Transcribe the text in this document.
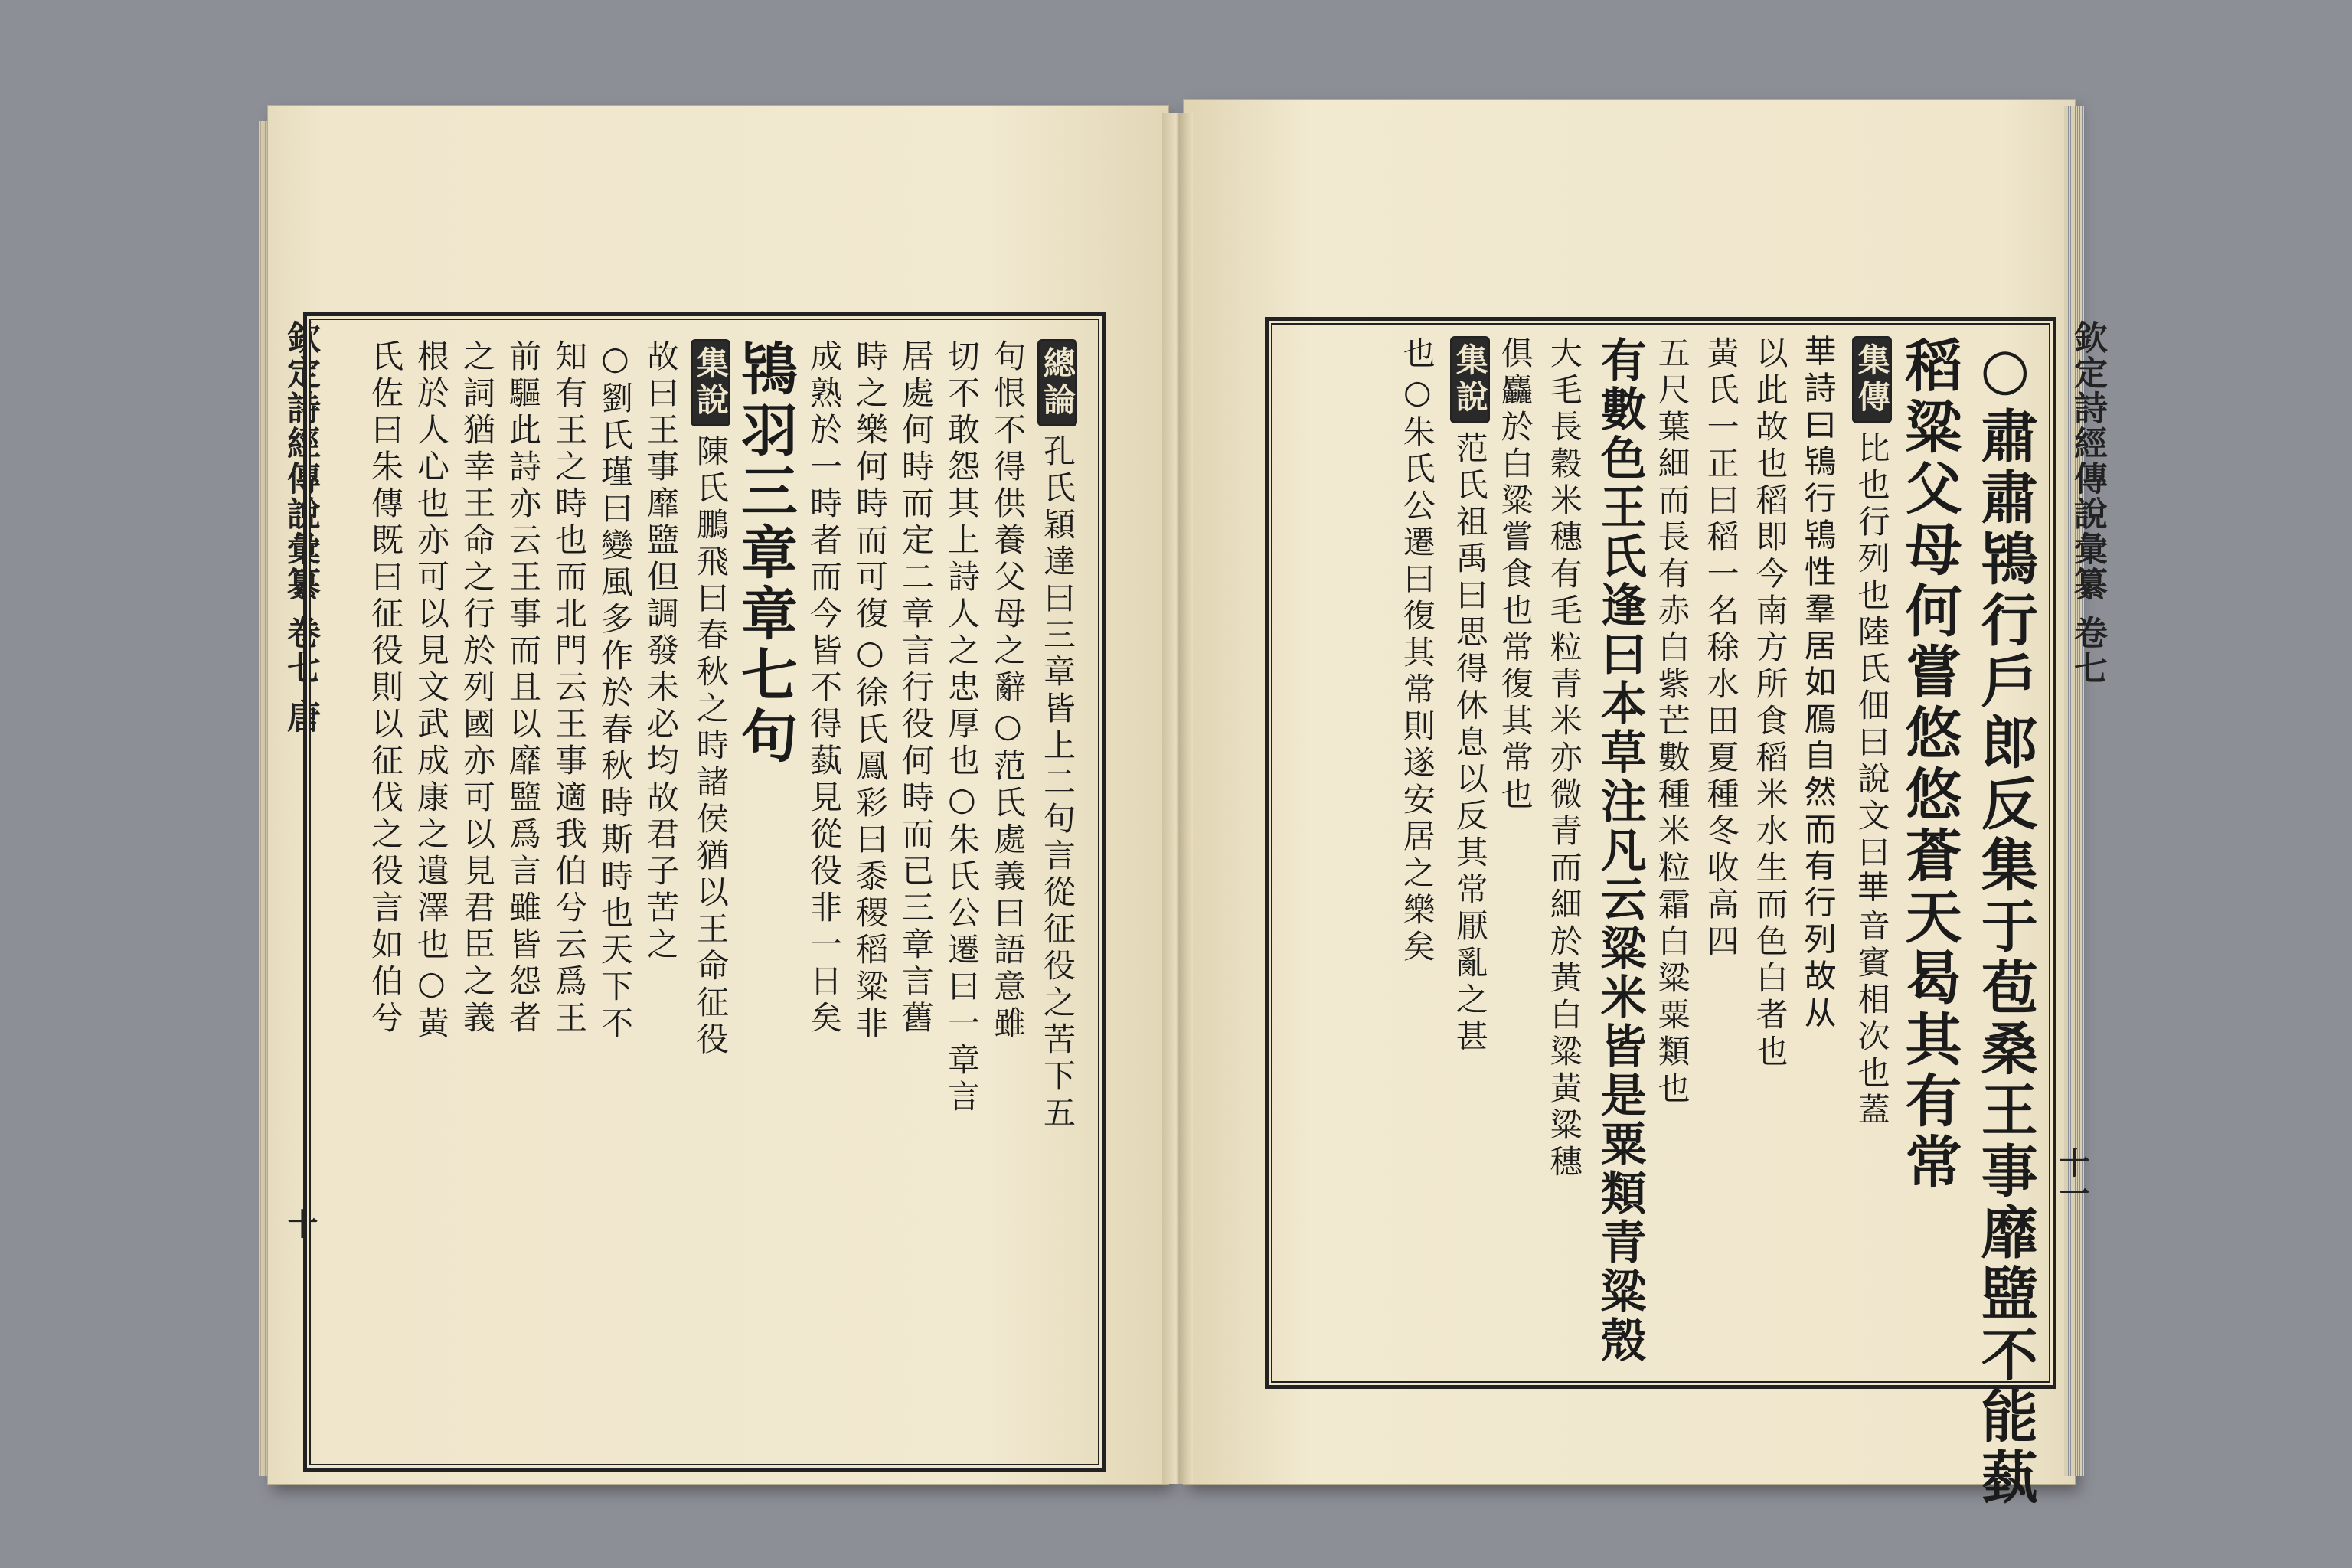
欽定詩經傳說彙纂 卷七 唐
十
欽定詩經傳說彙纂 卷七
十一
總論孔氏穎達曰三章皆上二句言從征役之苦下五
句恨不得供養父母之辭○范氏處義曰語意雖
切不敢怨其上詩人之忠厚也○朱氏公遷曰一章言
居處何時而定二章言行役何時而已三章言舊
時之樂何時而可復○徐氏鳳彩曰黍稷稻粱非
成熟於一時者而今皆不得蓺見從役非一日矣
鴇羽三章章七句
集說陳氏鵬飛曰春秋之時諸侯猶以王命征役
故曰王事靡盬但調發未必均故君子苦之
○劉氏瑾曰變風多作於春秋時斯時也天下不
知有王之時也而北門云王事適我伯兮云爲王
前驅此詩亦云王事而且以靡盬爲言雖皆怨者
之詞猶幸王命之行於列國亦可以見君臣之義
根於人心也亦可以見文武成康之遺澤也○黃
氏佐曰朱傳既曰征役則以征伐之役言如伯兮	○肅肅鴇行戶郎反集于苞桑王事靡盬不能蓺
稻粱父母何嘗悠悠蒼天曷其有常
集傳比也行列也陸氏佃曰說文曰𠦒音賓相次也蓋
𠦒詩曰鴇行鴇性羣居如鴈自然而有行列故从
以此故也稻即今南方所食稻米水生而色白者也
黃氏一正曰稻一名稌水田夏種冬收高四
五尺葉細而長有赤白紫芒數種米粒霜白粱粟類也
有數色王氏逢曰本草注凡云粱米皆是粟類青粱殼
大毛長穀米穗有毛粒青米亦微青而細於黃白粱黃粱穗
俱麤於白粱嘗食也常復其常也
集說范氏祖禹曰思得休息以反其常厭亂之甚
也○朱氏公遷曰復其常則遂安居之樂矣
